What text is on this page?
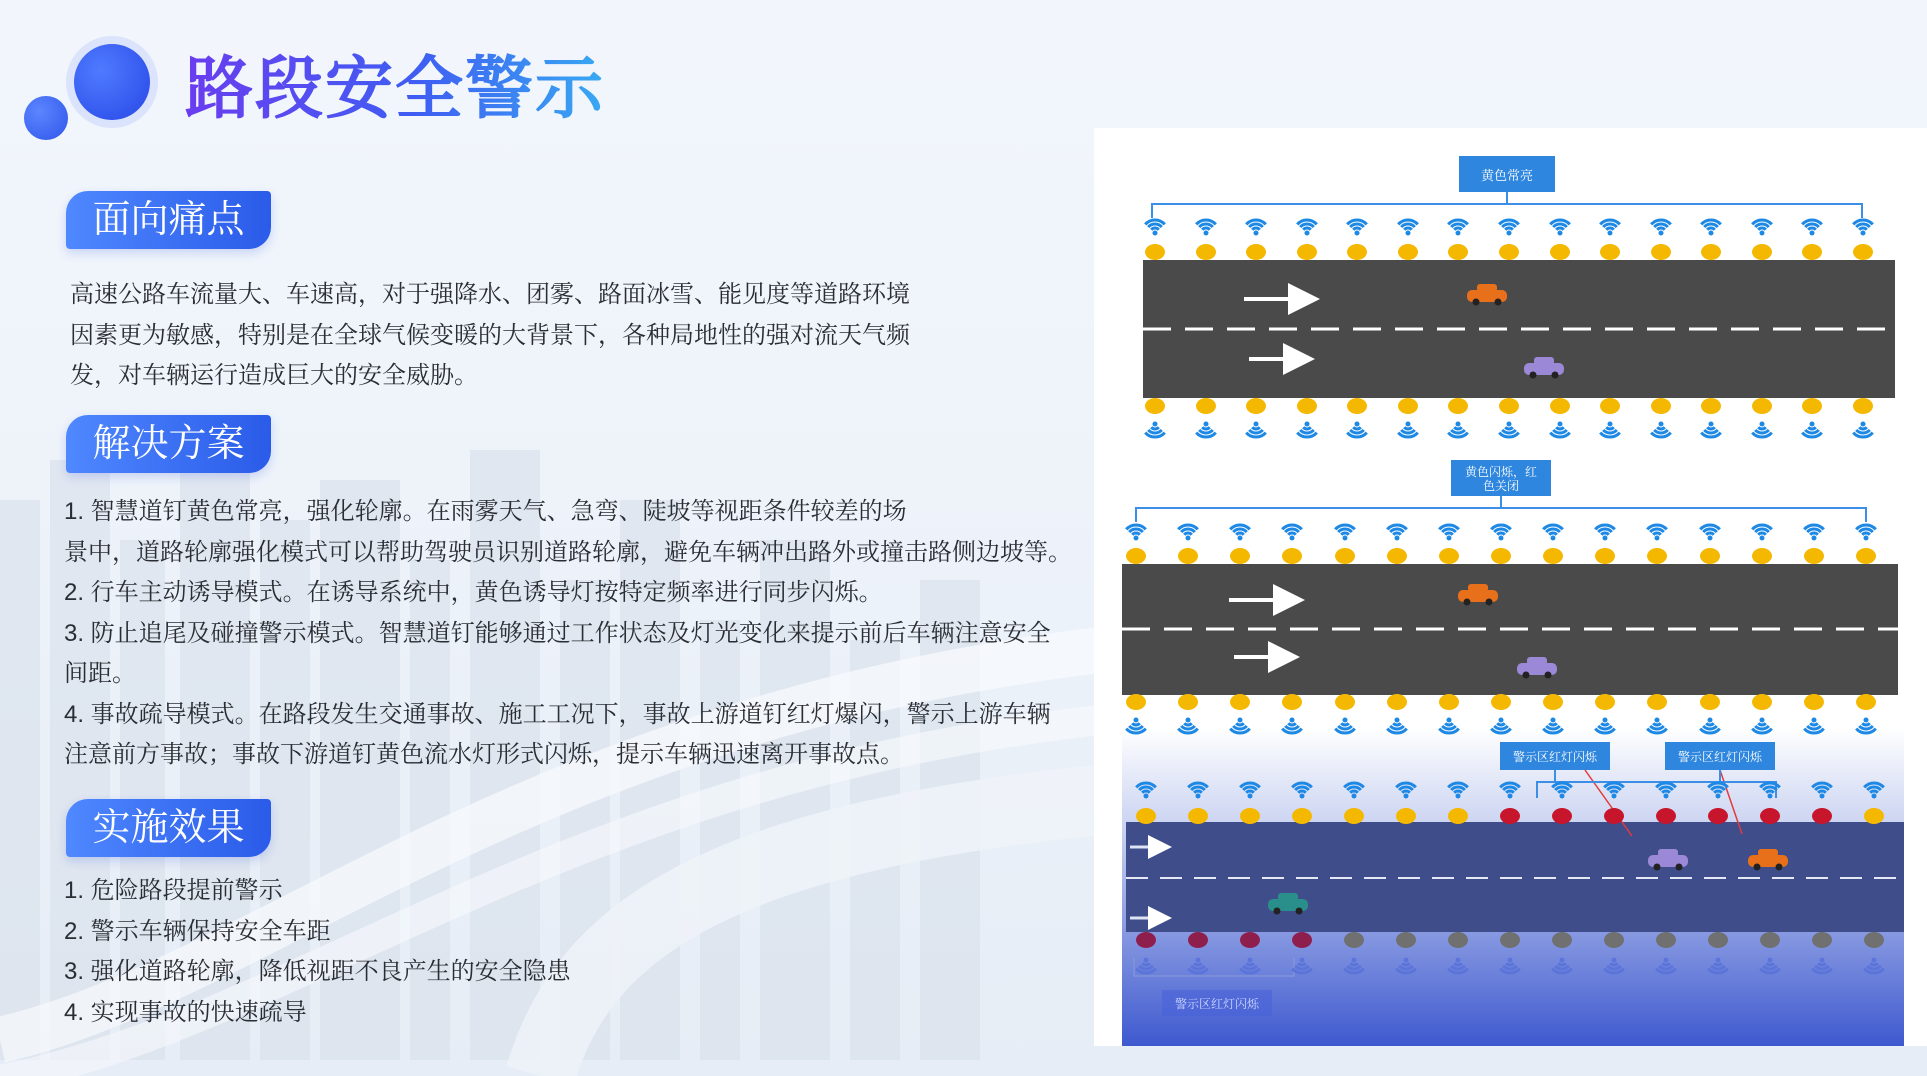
路段安全警示
面向痛点

高速公路车流量大、车速高，对于强降水、团雾、路面冰雪、能见度等道路环境

因素更为敏感，特别是在全球气候变暖的大背景下，各种局地性的强对流天气频

发，对车辆运行造成巨大的安全威胁。

解决方案

1. 智慧道钉黄色常亮，强化轮廓。在雨雾天气、急弯、陡坡等视距条件较差的场

景中，道路轮廓强化模式可以帮助驾驶员识别道路轮廓，避免车辆冲出路外或撞击路侧边坡等。

2. 行车主动诱导模式。在诱导系统中，黄色诱导灯按特定频率进行同步闪烁。

3. 防止追尾及碰撞警示模式。智慧道钉能够通过工作状态及灯光变化来提示前后车辆注意安全

间距。

4. 事故疏导模式。在路段发生交通事故、施工工况下，事故上游道钉红灯爆闪，警示上游车辆

注意前方事故；事故下游道钉黄色流水灯形式闪烁，提示车辆迅速离开事故点。

实施效果

1. 危险路段提前警示

2. 警示车辆保持安全车距

3. 强化道路轮廓，降低视距不良产生的安全隐患

4. 实现事故的快速疏导

黄色常亮
黄色闪烁，红
色关闭
警示区红灯闪烁	警示区红灯闪烁
警示区红灯闪烁
